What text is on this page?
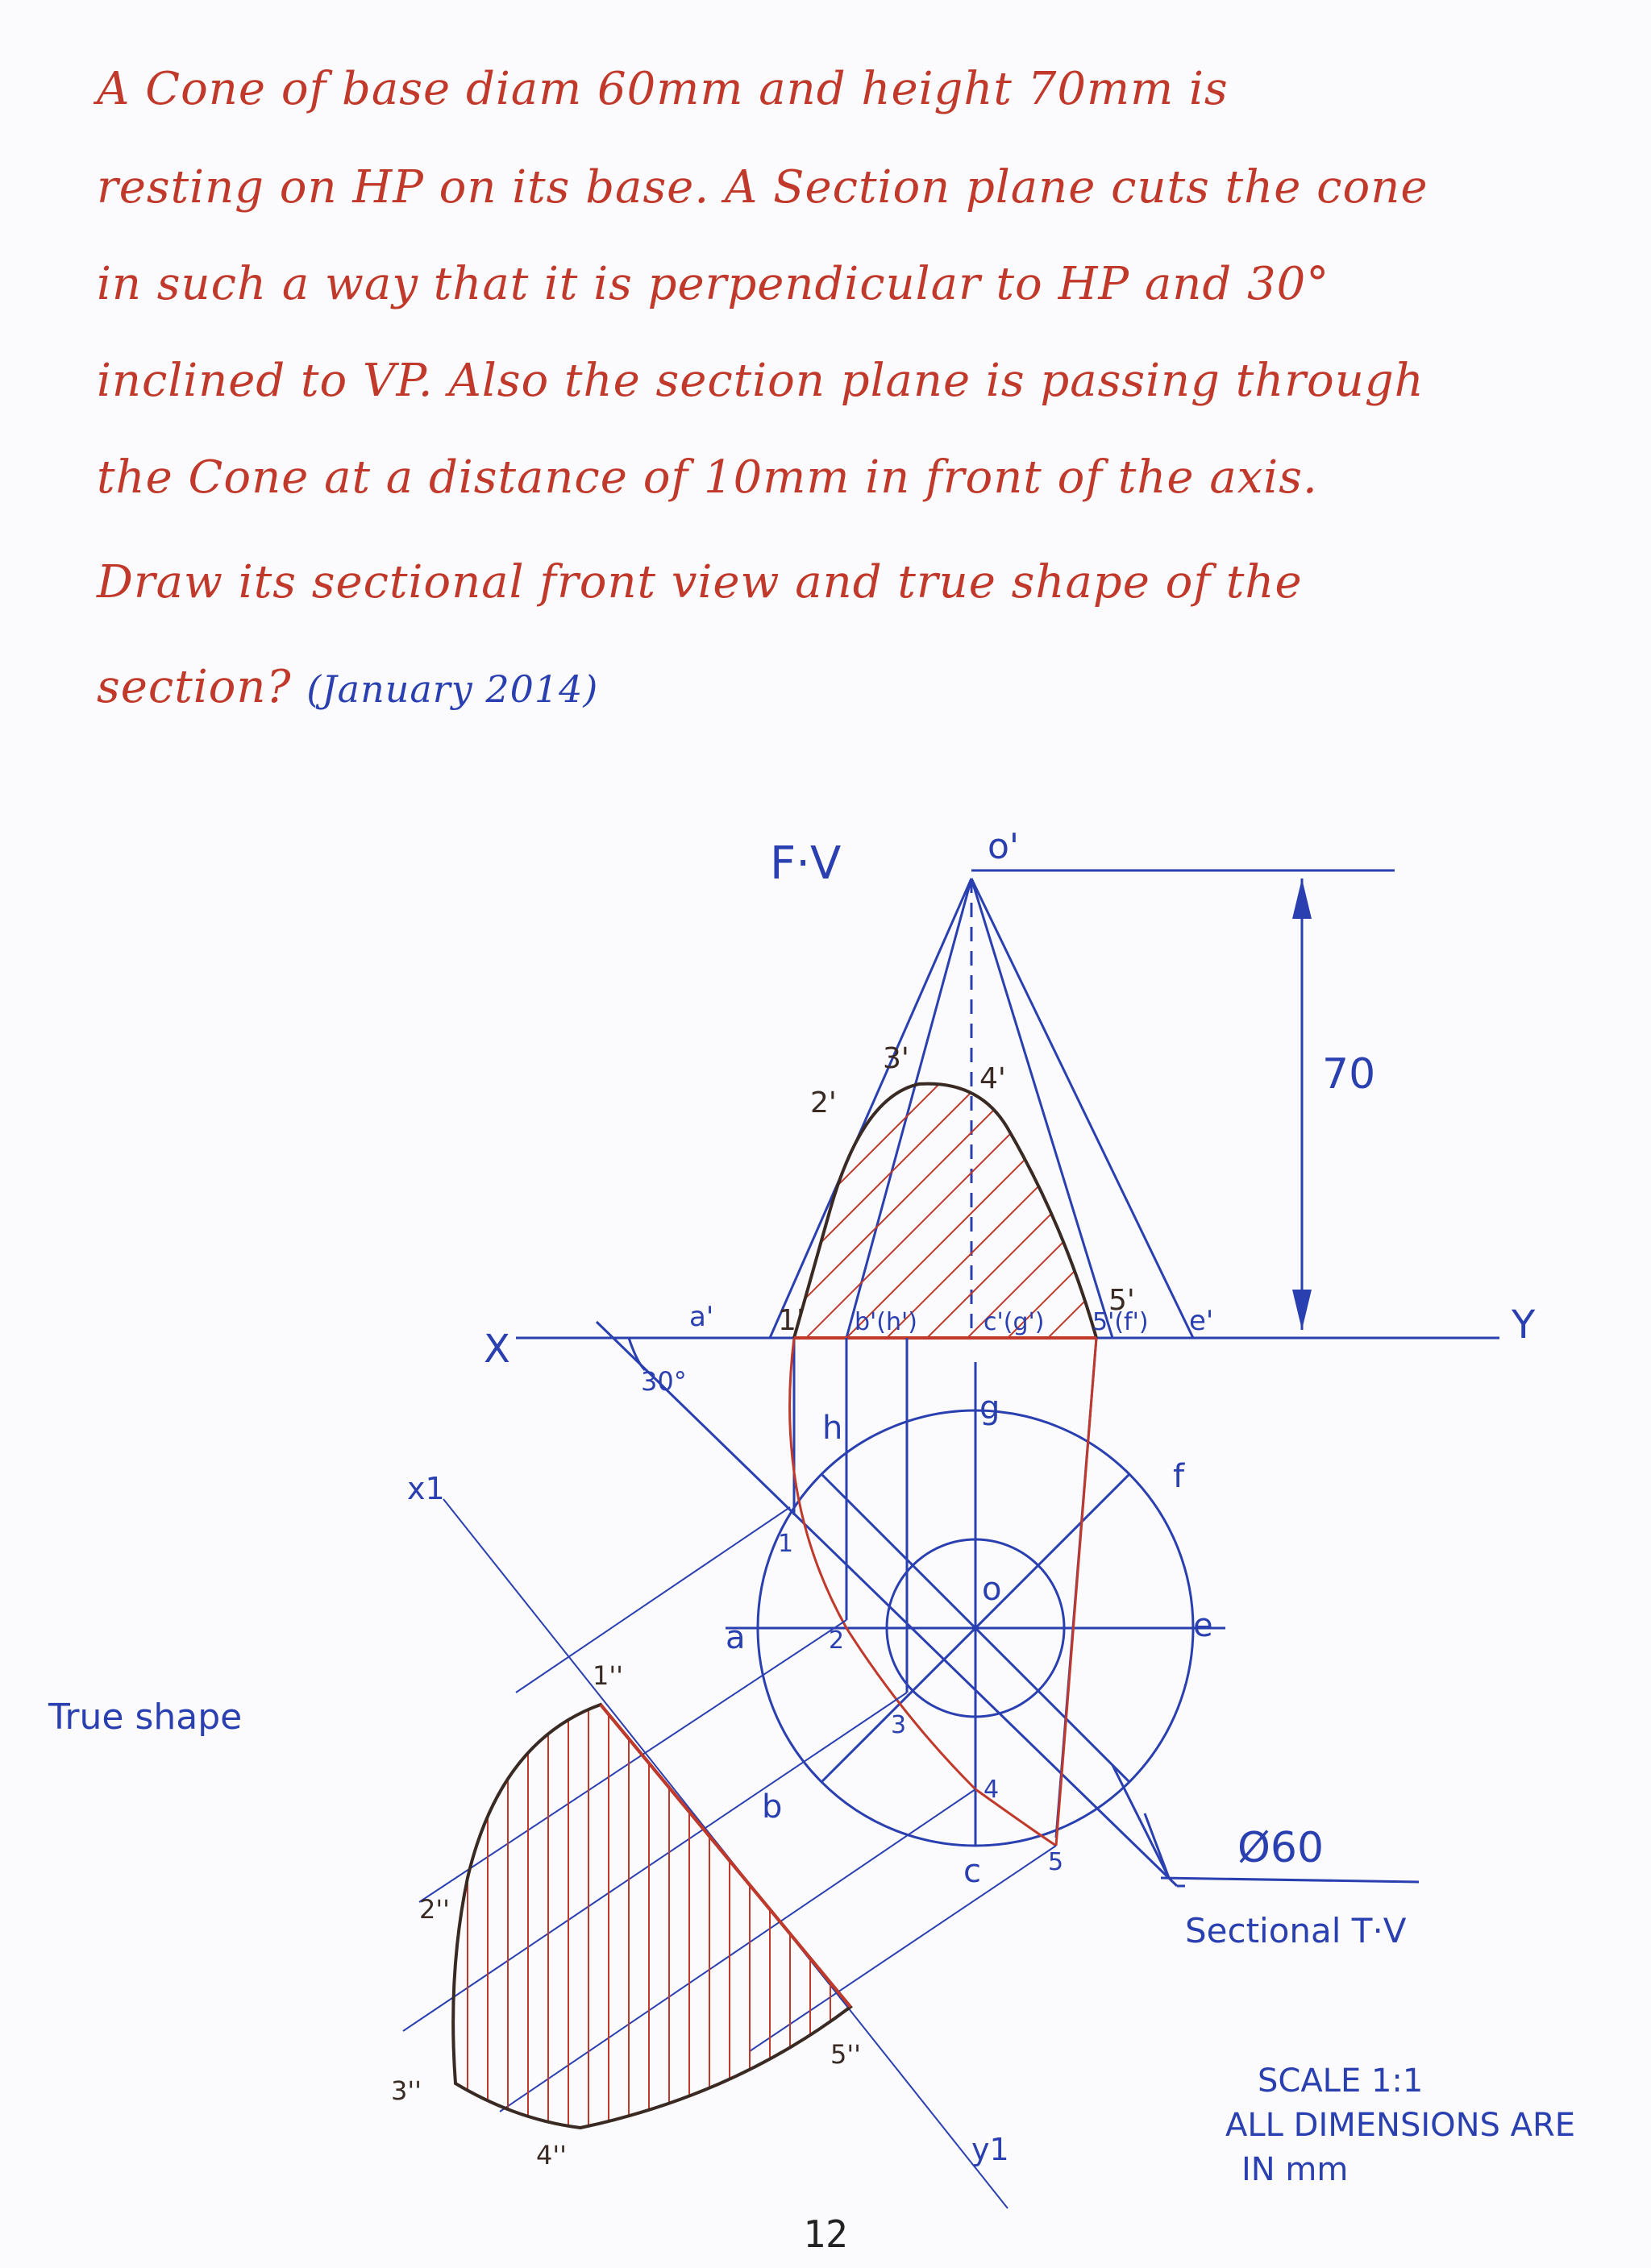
A Cone of base diam 60mm and height 70mm is
resting on HP on its base. A Section plane cuts the cone
in such a way that it is perpendicular to HP and 30°
inclined to VP. Also the section plane is passing through
the Cone at a distance of 10mm in front of the axis.
Draw its sectional front view and true shape of the
section? (January 2014)
F·V	o'
70
X
Y
30°
a'	b'(h')	c'(g') 5'(f') e'
1'
2'
3'
4'
5'
o
a
b
c
e
f
g
h
1
2
3
4
5	Ø60
Sectional T·V
x1
y1
True shape
1''
2''
3''
4''
5''
SCALE 1:1
ALL DIMENSIONS ARE
IN mm
12
